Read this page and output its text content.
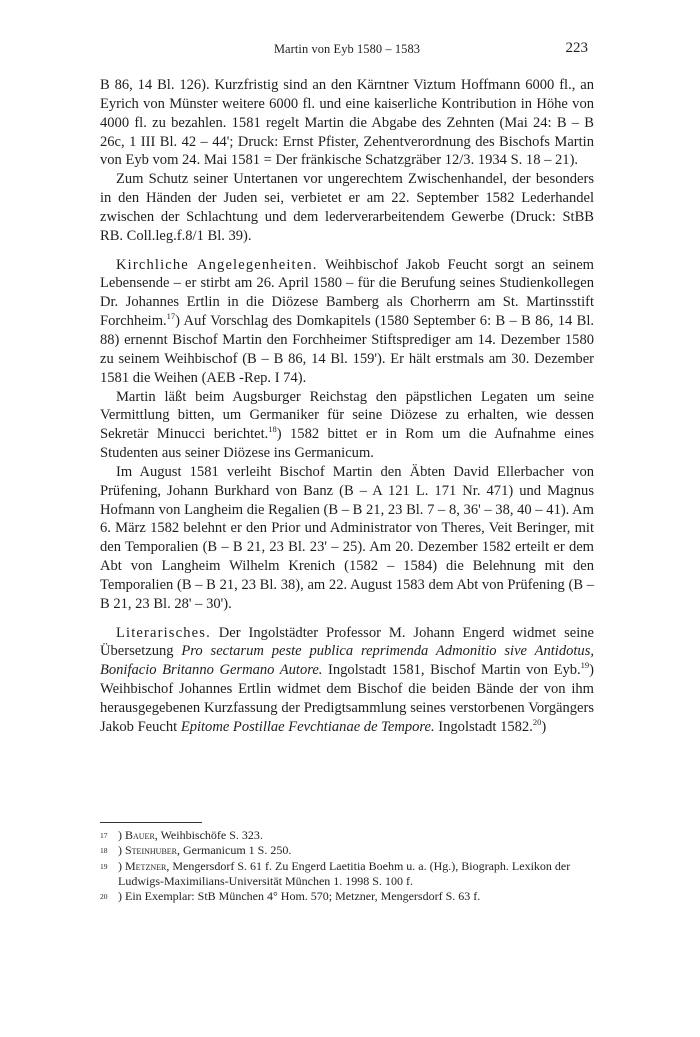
Martin von Eyb 1580 – 1583	223

B 86, 14 Bl. 126). Kurzfristig sind an den Kärntner Viztum Hoffmann 6000 fl., an Eyrich von Münster weitere 6000 fl. und eine kaiserliche Kontribution in Höhe von 4000 fl. zu bezahlen. 1581 regelt Martin die Abgabe des Zehnten (Mai 24: B – B 26c, 1 III Bl. 42 – 44'; Druck: Ernst Pfister, Zehentverordnung des Bischofs Martin von Eyb vom 24. Mai 1581 = Der fränkische Schatzgräber 12/3. 1934 S. 18 – 21).

Zum Schutz seiner Untertanen vor ungerechtem Zwischenhandel, der besonders in den Händen der Juden sei, verbietet er am 22. September 1582 Lederhandel zwischen der Schlachtung und dem lederverarbeitendem Gewerbe (Druck: StBB RB. Coll.leg.f.8/1 Bl. 39).

Kirchliche Angelegenheiten. Weihbischof Jakob Feucht sorgt an seinem Lebensende – er stirbt am 26. April 1580 – für die Berufung seines Studienkollegen Dr. Johannes Ertlin in die Diözese Bamberg als Chorherrn am St. Martinsstift Forchheim.$^{17}$) Auf Vorschlag des Domkapitels (1580 September 6: B – B 86, 14 Bl. 88) ernennt Bischof Martin den Forchheimer Stiftsprediger am 14. Dezember 1580 zu seinem Weihbischof (B – B 86, 14 Bl. 159'). Er hält erstmals am 30. Dezember 1581 die Weihen (AEB -Rep. I 74).

Martin läßt beim Augsburger Reichstag den päpstlichen Legaten um seine Vermittlung bitten, um Germaniker für seine Diözese zu erhalten, wie dessen Sekretär Minucci berichtet.$^{18}$) 1582 bittet er in Rom um die Aufnahme eines Studenten aus seiner Diözese ins Germanicum.

Im August 1581 verleiht Bischof Martin den Äbten David Ellerbacher von Prüfening, Johann Burkhard von Banz (B – A 121 L. 171 Nr. 471) und Magnus Hofmann von Langheim die Regalien (B – B 21, 23 Bl. 7 – 8, 36' – 38, 40 – 41). Am 6. März 1582 belehnt er den Prior und Administrator von Theres, Veit Beringer, mit den Temporalien (B – B 21, 23 Bl. 23' – 25). Am 20. Dezember 1582 erteilt er dem Abt von Langheim Wilhelm Krenich (1582 – 1584) die Belehnung mit den Temporalien (B – B 21, 23 Bl. 38), am 22. August 1583 dem Abt von Prüfening (B – B 21, 23 Bl. 28' – 30').

Literarisches. Der Ingolstädter Professor M. Johann Engerd widmet seine Übersetzung Pro sectarum peste publica reprimenda Admonitio sive Antidotus, Bonifacio Britanno Germano Autore. Ingolstadt 1581, Bischof Martin von Eyb.$^{19}$) Weihbischof Johannes Ertlin widmet dem Bischof die beiden Bände der von ihm herausgegebenen Kurzfassung der Predigtsammlung seines verstorbenen Vorgängers Jakob Feucht Epitome Postillae Fevchtianae de Tempore. Ingolstadt 1582.20)

17 ) Bauer, Weihbischöfe S. 323.
18 ) Steinhuber, Germanicum 1 S. 250.
19 ) Metzner, Mengersdorf S. 61 f. Zu Engerd Laetitia Boehm u. a. (Hg.), Biograph. Lexikon der Ludwigs-Maximilians-Universität München 1. 1998 S. 100 f.
20 ) Ein Exemplar: StB München 4° Hom. 570; Metzner, Mengersdorf S. 63 f.
